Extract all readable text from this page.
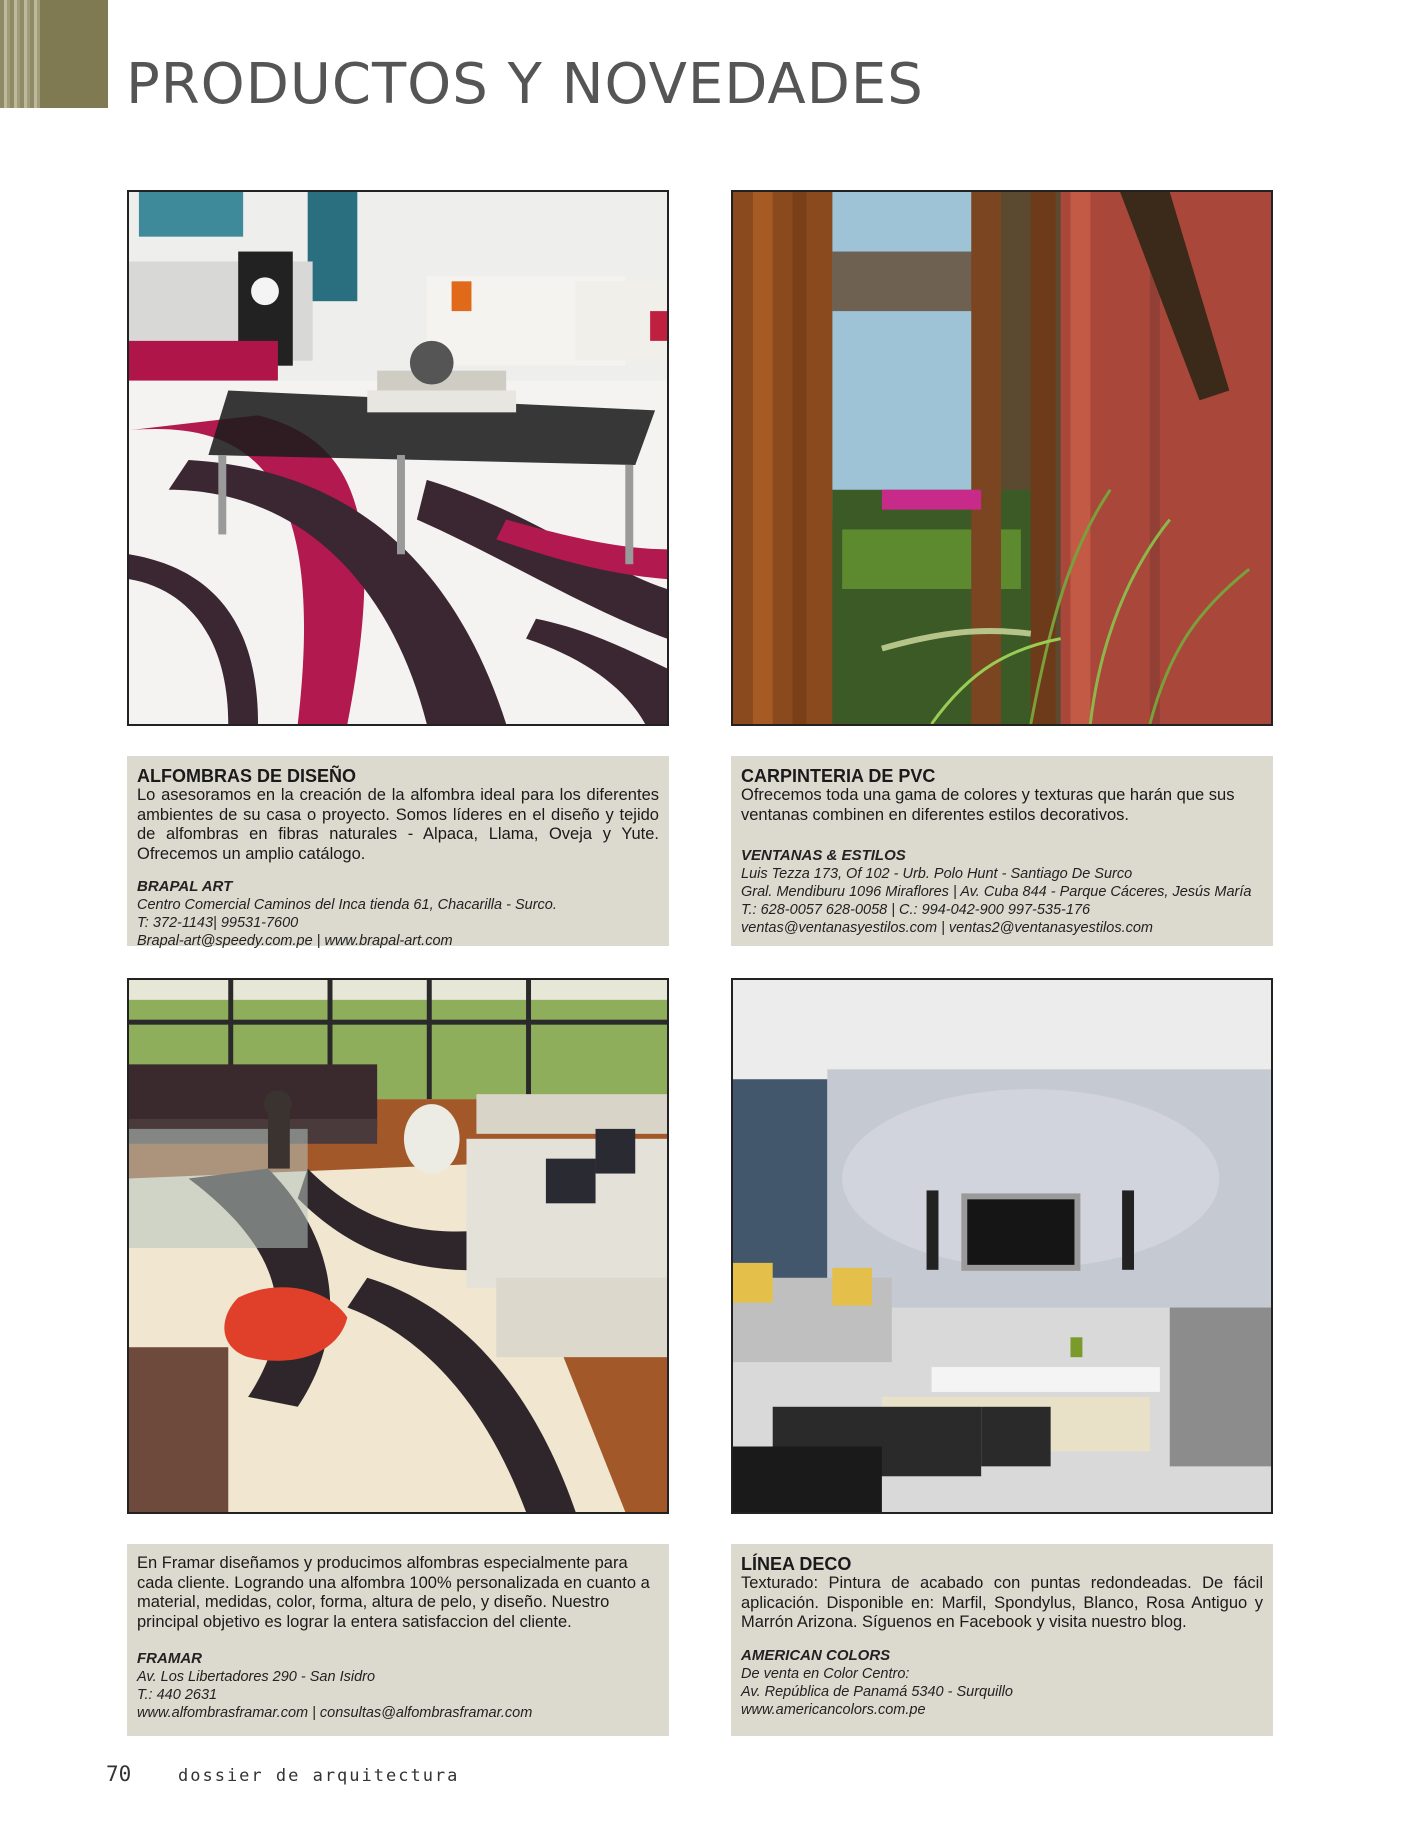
PRODUCTOS Y NOVEDADES
ALFOMBRAS DE DISEÑO
Lo asesoramos en la creación de la alfombra ideal para los diferentes ambientes de su casa o proyecto. Somos líderes en el diseño y tejido de alfombras en fibras naturales - Alpaca, Llama, Oveja y Yute. Ofrecemos un amplio catálogo.
BRAPAL ART
Centro Comercial Caminos del Inca tienda 61, Chacarilla - Surco.
T: 372-1143| 99531-7600
Brapal-art@speedy.com.pe | www.brapal-art.com
CARPINTERIA DE PVC
Ofrecemos toda una gama de colores y texturas que harán que sus ventanas combinen en diferentes estilos decorativos.
VENTANAS & ESTILOS
Luis Tezza 173, Of 102 - Urb. Polo Hunt - Santiago De Surco
Gral. Mendiburu 1096 Miraflores | Av. Cuba 844 - Parque Cáceres, Jesús María
T.: 628-0057 628-0058 | C.: 994-042-900 997-535-176
ventas@ventanasyestilos.com | ventas2@ventanasyestilos.com
En Framar diseñamos y producimos alfombras especialmente para cada cliente. Logrando una alfombra 100% personalizada en cuanto a material, medidas, color, forma, altura de pelo, y diseño. Nuestro principal objetivo es lograr la entera satisfaccion del cliente.
FRAMAR
Av. Los Libertadores 290 - San Isidro
T.: 440 2631
www.alfombrasframar.com | consultas@alfombrasframar.com
LÍNEA DECO
Texturado: Pintura de acabado con puntas redondeadas. De fácil aplicación. Disponible en: Marfil, Spondylus, Blanco, Rosa Antiguo y Marrón Arizona. Síguenos en Facebook y visita nuestro blog.
AMERICAN COLORS
De venta en Color Centro:
Av. República de Panamá 5340 - Surquillo
www.americancolors.com.pe
70	dossier de arquitectura
